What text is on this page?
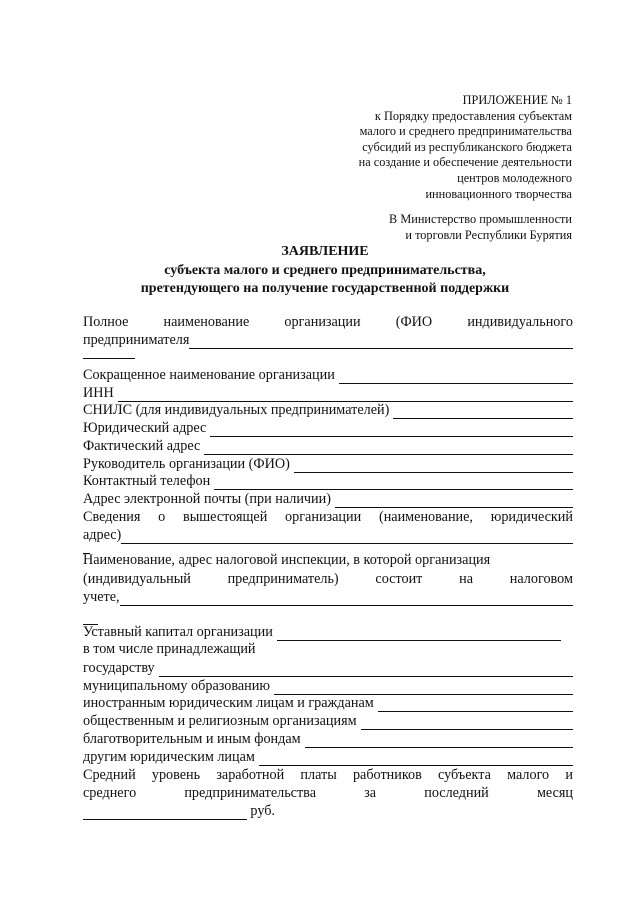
ПРИЛОЖЕНИЕ № 1
к Порядку предоставления субъектам
малого и среднего предпринимательства
субсидий из республиканского бюджета
на создание и обеспечение деятельности
центров молодежного
инновационного творчества
В Министерство промышленности
и торговли Республики Бурятия
ЗАЯВЛЕНИЕ
субъекта малого и среднего предпринимательства,
претендующего на получение государственной поддержки
Полное наименование организации (ФИО индивидуального
предпринимателя
Сокращенное наименование организации
ИНН
СНИЛС (для индивидуальных предпринимателей)
Юридический адрес
Фактический адрес
Руководитель организации (ФИО)
Контактный телефон
Адрес электронной почты (при наличии)
Сведения о вышестоящей организации (наименование, юридический
адрес)
Наименование, адрес налоговой инспекции, в которой организация
(индивидуальный	предприниматель)	состоит	на	налоговом
учете,
Уставный капитал организации
в том числе принадлежащий
государству
муниципальному образованию
иностранным юридическим лицам и гражданам
общественным и религиозным организациям
благотворительным и иным фондам
другим юридическим лицам
Средний уровень заработной платы работников субъекта малого и
среднего	предпринимательства	за	последний	месяц
руб.
